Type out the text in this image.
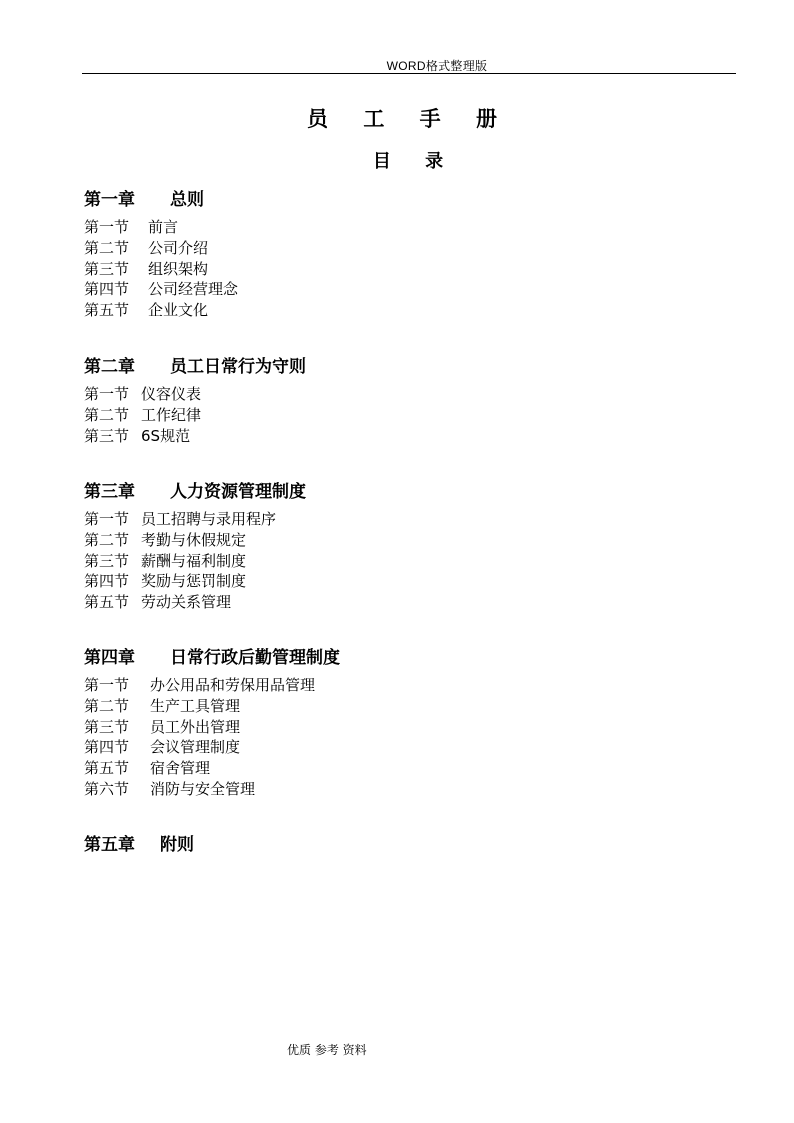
WORD格式整理版
员 工 手 册
目 录
第一章 总则
第一节 前言
第二节 公司介绍
第三节 组织架构
第四节 公司经营理念
第五节 企业文化
第二章 员工日常行为守则
第一节 仪容仪表
第二节 工作纪律
第三节 6S规范
第三章 人力资源管理制度
第一节 员工招聘与录用程序
第二节 考勤与休假规定
第三节 薪酬与福利制度
第四节 奖励与惩罚制度
第五节 劳动关系管理
第四章 日常行政后勤管理制度
第一节 办公用品和劳保用品管理
第二节 生产工具管理
第三节 员工外出管理
第四节 会议管理制度
第五节 宿舍管理
第六节 消防与安全管理
第五章 附则
优质 参考 资料
